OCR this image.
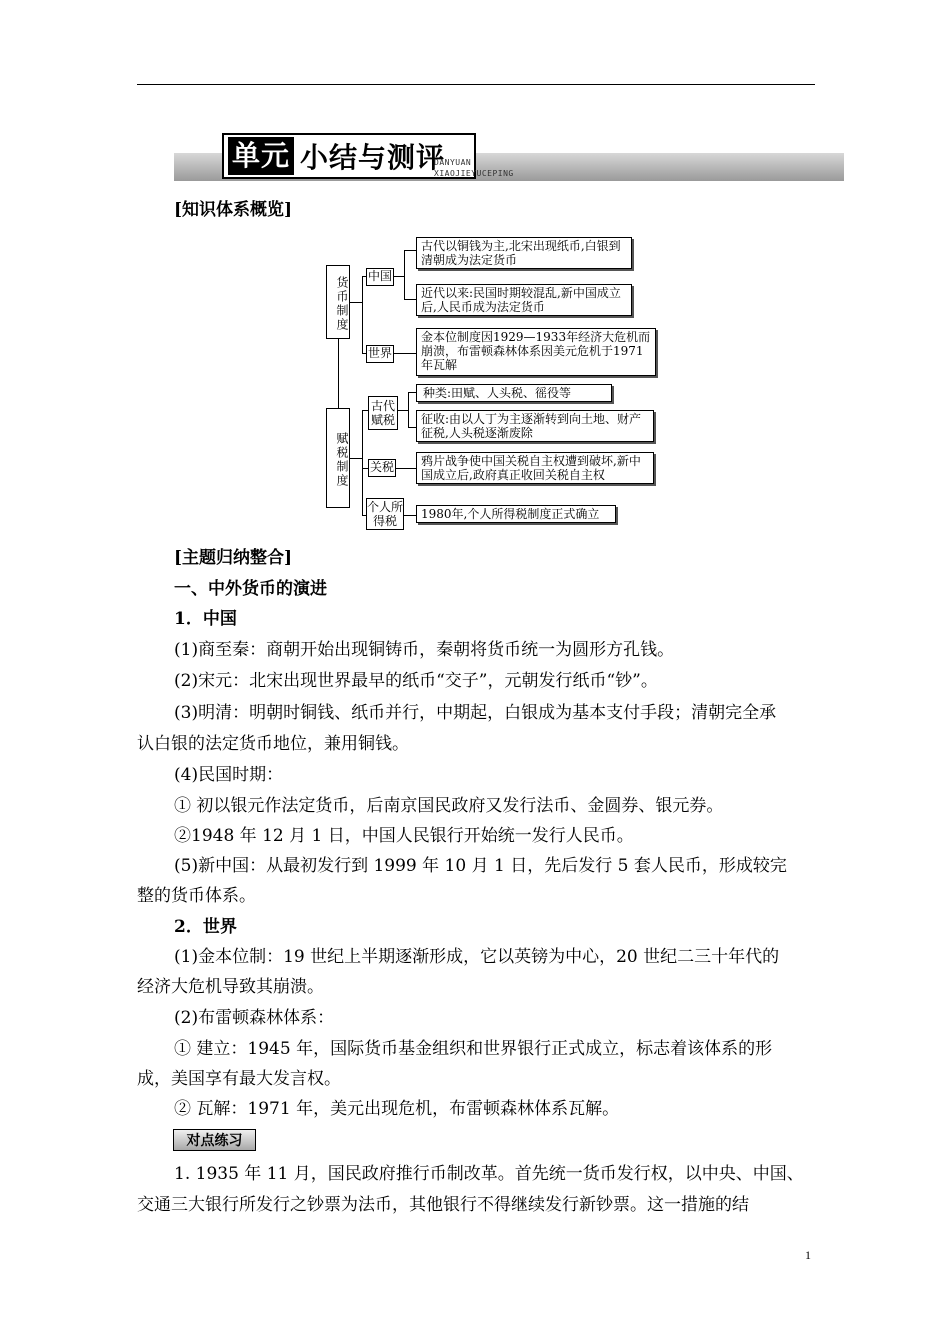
单元 小结与测评
DANYUAN
XIAOJIEYUCEPING
[知识体系概览]
货币制度 中国
古代以铜钱为主,北宋出现纸币,白银到清朝成为法定货币
近代以来:民国时期较混乱,新中国成立后,人民币成为法定货币
世界
金本位制度因1929—1933年经济大危机而崩溃，布雷顿森林体系因美元危机于1971年瓦解
赋税制度
古代赋税
种类:田赋、人头税、徭役等
征收:由以人丁为主逐渐转到向土地、财产征税,人头税逐渐废除
关税	鸦片战争使中国关税自主权遭到破坏,新中国成立后,政府真正收回关税自主权
个人所得税	1980年,个人所得税制度正式确立
[主题归纳整合]
一、中外货币的演进
1．中国
(1)商至秦：商朝开始出现铜铸币，秦朝将货币统一为圆形方孔钱。
(2)宋元：北宋出现世界最早的纸币“交子”，元朝发行纸币“钞”。
(3)明清：明朝时铜钱、纸币并行，中期起，白银成为基本支付手段；清朝完全承
认白银的法定货币地位，兼用铜钱。
(4)民国时期：
① 初以银元作法定货币，后南京国民政府又发行法币、金圆券、银元券。
②1948 年 12 月 1 日，中国人民银行开始统一发行人民币。
(5)新中国：从最初发行到 1999 年 10 月 1 日，先后发行 5 套人民币，形成较完
整的货币体系。
2．世界
(1)金本位制：19 世纪上半期逐渐形成，它以英镑为中心，20 世纪二三十年代的
经济大危机导致其崩溃。
(2)布雷顿森林体系：
① 建立：1945 年，国际货币基金组织和世界银行正式成立，标志着该体系的形
成，美国享有最大发言权。
② 瓦解：1971 年，美元出现危机，布雷顿森林体系瓦解。
对点练习
1. 1935 年 11 月，国民政府推行币制改革。首先统一货币发行权，以中央、中国、
交通三大银行所发行之钞票为法币，其他银行不得继续发行新钞票。这一措施的结
1
